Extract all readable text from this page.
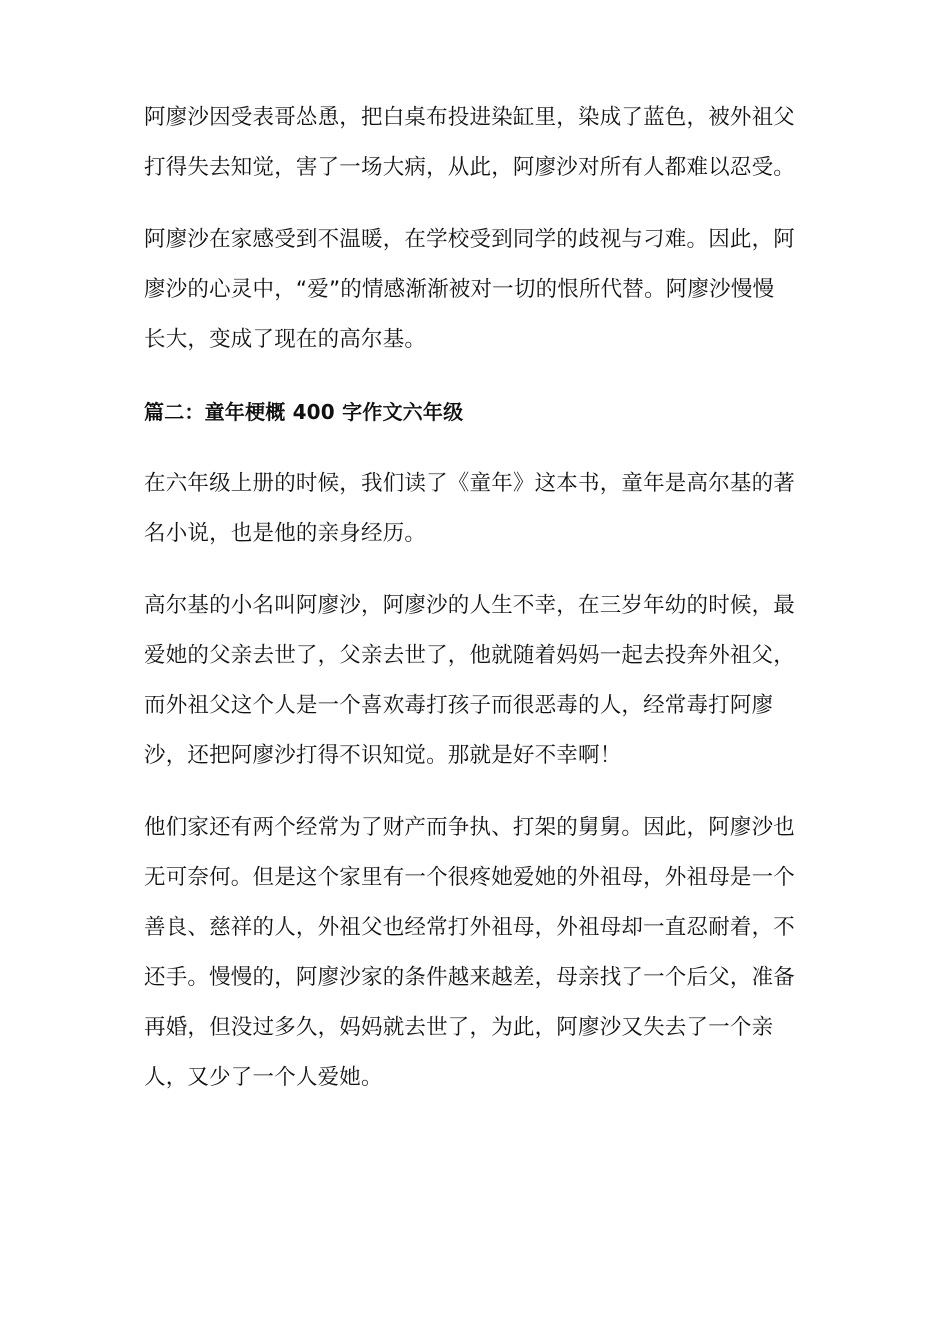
阿廖沙因受表哥怂恿，把白桌布投进染缸里，染成了蓝色，被外祖父
打得失去知觉，害了一场大病，从此，阿廖沙对所有人都难以忍受。
阿廖沙在家感受到不温暖，在学校受到同学的歧视与刁难。因此，阿
廖沙的心灵中，“爱”的情感渐渐被对一切的恨所代替。阿廖沙慢慢
长大，变成了现在的高尔基。
篇二：童年梗概 400 字作文六年级
在六年级上册的时候，我们读了《童年》这本书，童年是高尔基的著
名小说，也是他的亲身经历。
高尔基的小名叫阿廖沙，阿廖沙的人生不幸，在三岁年幼的时候，最
爱她的父亲去世了，父亲去世了，他就随着妈妈一起去投奔外祖父，
而外祖父这个人是一个喜欢毒打孩子而很恶毒的人，经常毒打阿廖
沙，还把阿廖沙打得不识知觉。那就是好不幸啊！
他们家还有两个经常为了财产而争执、打架的舅舅。因此，阿廖沙也
无可奈何。但是这个家里有一个很疼她爱她的外祖母，外祖母是一个
善良、慈祥的人，外祖父也经常打外祖母，外祖母却一直忍耐着，不
还手。慢慢的，阿廖沙家的条件越来越差，母亲找了一个后父，准备
再婚，但没过多久，妈妈就去世了，为此，阿廖沙又失去了一个亲
人，又少了一个人爱她。
